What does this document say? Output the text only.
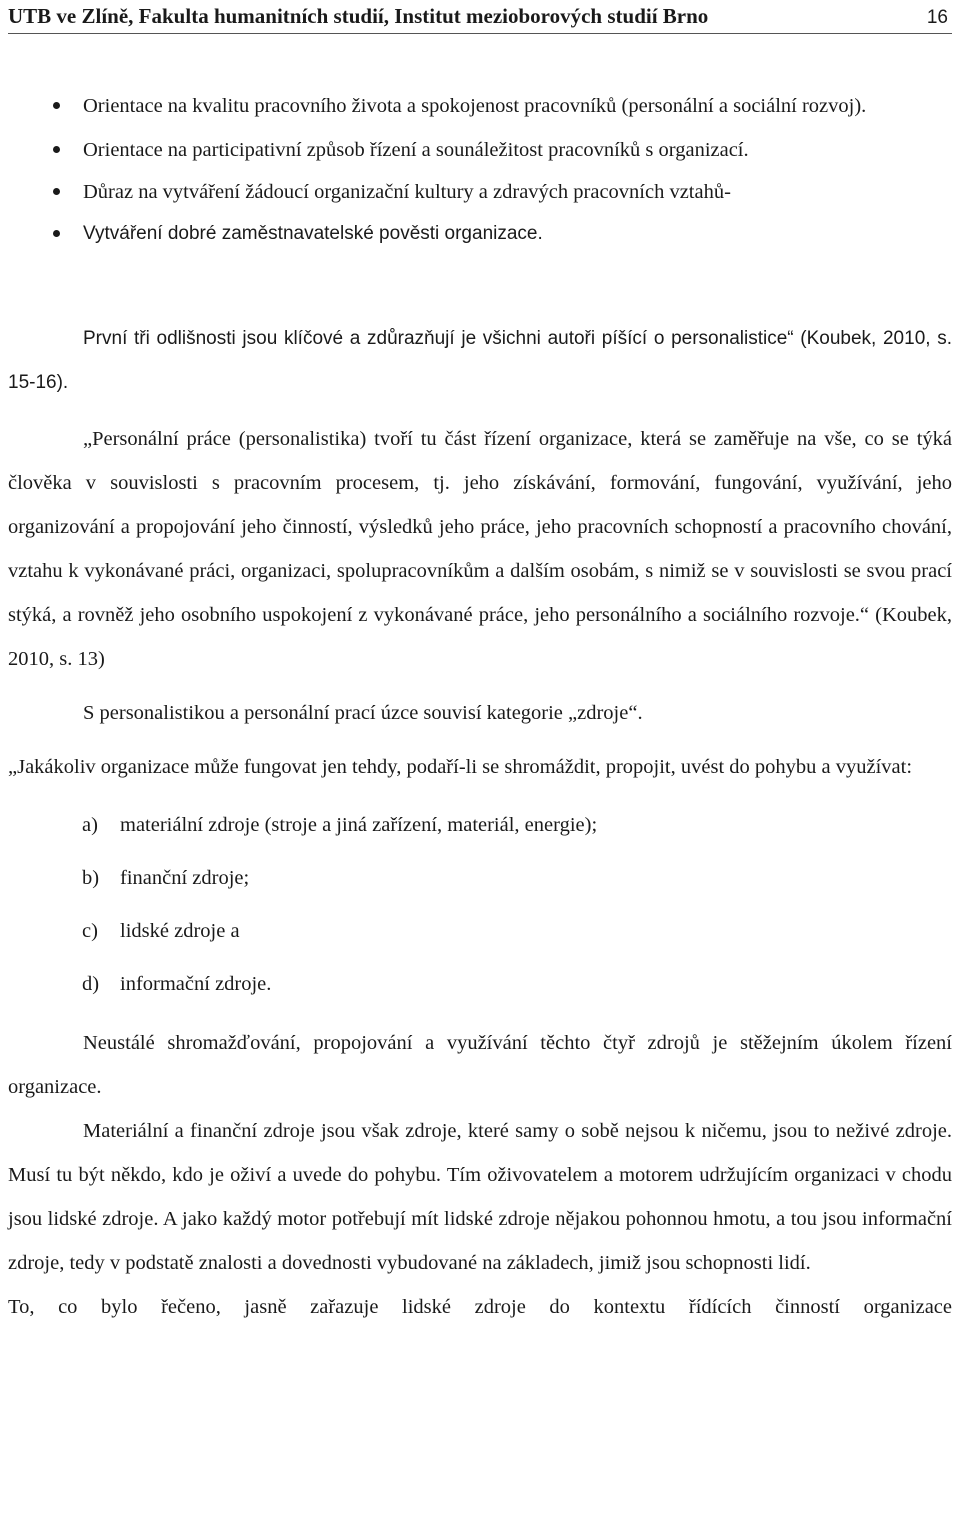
UTB ve Zlíně, Fakulta humanitních studií, Institut mezioborových studií Brno	16
Orientace na kvalitu pracovního života a spokojenost pracovníků (personální a sociální rozvoj).
Orientace na participativní způsob řízení a sounáležitost pracovníků s organizací.
Důraz na vytváření žádoucí organizační kultury a zdravých pracovních vztahů-
Vytváření dobré zaměstnavatelské pověsti organizace.

První tři odlišnosti jsou klíčové a zdůrazňují je všichni autoři píšící o personalistice“ (Koubek, 2010, s. 15-16).

„Personální práce (personalistika) tvoří tu část řízení organizace, která se zaměřuje na vše, co se týká člověka v souvislosti s pracovním procesem, tj. jeho získávání, formování, fungování, využívání, jeho organizování a propojování jeho činností, výsledků jeho práce, jeho pracovních schopností a pracovního chování, vztahu k vykonávané práci, organizaci, spolupracovníkům a dalším osobám, s nimiž se v souvislosti se svou prací stýká, a rovněž jeho osobního uspokojení z vykonávané práce, jeho personálního a sociálního rozvoje.“ (Koubek, 2010, s. 13)

S personalistikou a personální prací úzce souvisí kategorie „zdroje“.

„Jakákoliv organizace může fungovat jen tehdy, podaří-li se shromáždit, propojit, uvést do pohybu a využívat:

a) materiální zdroje (stroje a jiná zařízení, materiál, energie);
b) finanční zdroje;
c) lidské zdroje a
d) informační zdroje.

Neustálé shromažďování, propojování a využívání těchto čtyř zdrojů je stěžejním úkolem řízení organizace.

Materiální a finanční zdroje jsou však zdroje, které samy o sobě nejsou k ničemu, jsou to neživé zdroje. Musí tu být někdo, kdo je oživí a uvede do pohybu. Tím oživovatelem a motorem udržujícím organizaci v chodu jsou lidské zdroje. A jako každý motor potřebují mít lidské zdroje nějakou pohonnou hmotu, a tou jsou informační zdroje, tedy v podstatě znalosti a dovednosti vybudované na základech, jimiž jsou schopnosti lidí.

To, co bylo řečeno, jasně zařazuje lidské zdroje do kontextu řídících činností organizace
